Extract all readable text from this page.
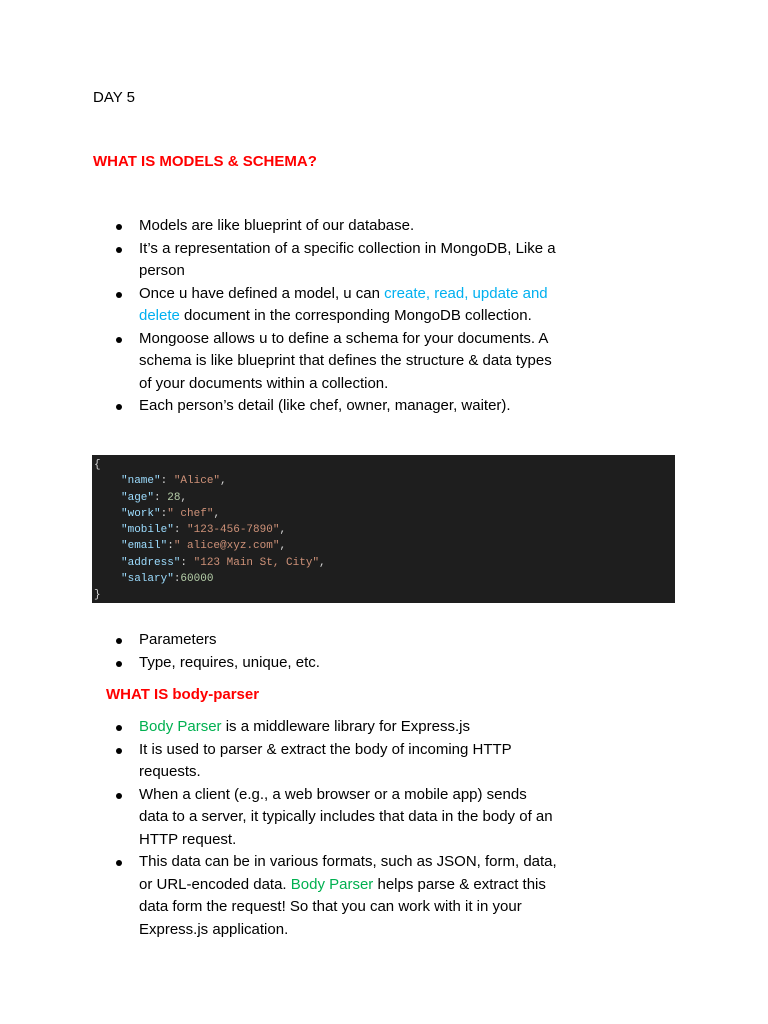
DAY 5
WHAT IS MODELS & SCHEMA?
Models are like blueprint of our database.
It’s a representation of a specific collection in MongoDB, Like a person
Once u have defined a model, u can create, read, update and delete document in the corresponding MongoDB collection.
Mongoose allows u to define a schema for your documents. A schema is like blueprint that defines the structure & data types of your documents within a collection.
Each person’s detail (like chef, owner, manager, waiter).
{
"name": "Alice",
"age": 28,
"work":" chef",
"mobile": "123-456-7890",
"email":" alice@xyz.com",
"address": "123 Main St, City",
"salary":60000
}
Parameters
Type, requires, unique, etc.
WHAT IS body-parser
Body Parser is a middleware library for Express.js
It is used to parser & extract the body of incoming HTTP requests.
When a client (e.g., a web browser or a mobile app) sends data to a server, it typically includes that data in the body of an HTTP request.
This data can be in various formats, such as JSON, form, data, or URL-encoded data. Body Parser helps parse & extract this data form the request! So that you can work with it in your Express.js application.
